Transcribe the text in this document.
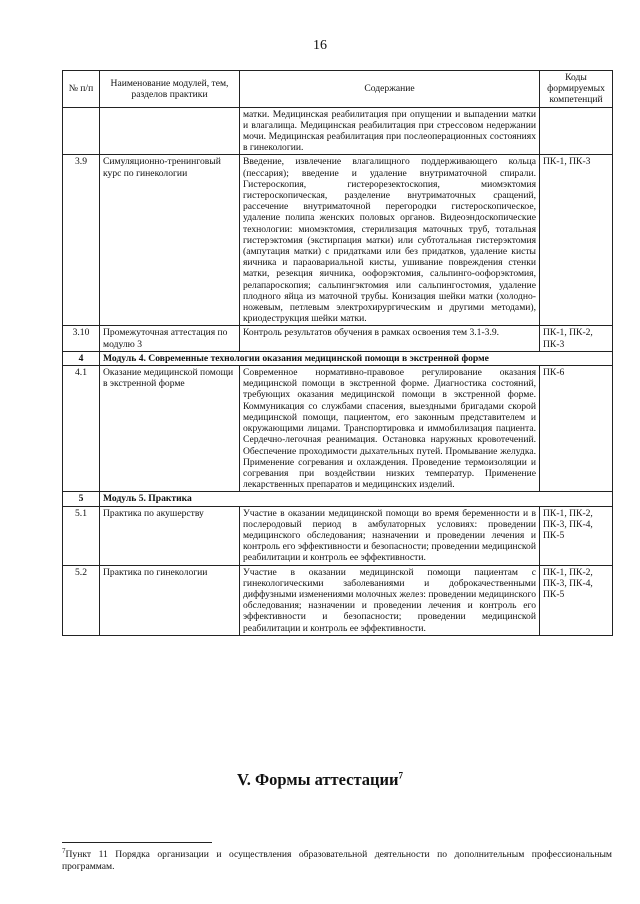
16
№ п/п	Наименование модулей, тем, разделов практики	Содержание	Коды формируемых компетенций
		матки. Медицинская реабилитация при опущении и выпадении матки и влагалища. Медицинская реабилитация при стрессовом недержании мочи. Медицинская реабилитация при послеоперационных состояниях в гинекологии.	
3.9	Симуляционно-тренинговый курс по гинекологии	Введение, извлечение влагалищного поддерживающего кольца (пессария); введение и удаление внутриматочной спирали. Гистероскопия, гистерорезектоскопия, миомэктомия гистероскопическая, разделение внутриматочных сращений, рассечение внутриматочной перегородки гистероскопическое, удаление полипа женских половых органов. Видеоэндоскопические технологии: миомэктомия, стерилизация маточных труб, тотальная гистерэктомия (экстирпация матки) или субтотальная гистерэктомия (ампутация матки) с придатками или без придатков, удаление кисты яичника и параовариальной кисты, ушивание повреждения стенки матки, резекция яичника, оофорэктомия, сальпинго-оофорэктомия, релапароскопия; сальпингэктомия или сальпингостомия, удаление плодного яйца из маточной трубы. Конизация шейки матки (холодно-ножевым, петлевым электрохирургическим и другими методами), криодеструкция шейки матки.	ПК-1, ПК-3
3.10	Промежуточная аттестация по модулю 3	Контроль результатов обучения в рамках освоения тем 3.1-3.9.	ПК-1, ПК-2, ПК-3
4	Модуль 4. Современные технологии оказания медицинской помощи в экстренной форме		
4.1	Оказание медицинской помощи в экстренной форме	Современное нормативно-правовое регулирование оказания медицинской помощи в экстренной форме. Диагностика состояний, требующих оказания медицинской помощи в экстренной форме. Коммуникация со службами спасения, выездными бригадами скорой медицинской помощи, пациентом, его законным представителем и окружающими лицами. Транспортировка и иммобилизация пациента. Сердечно-легочная реанимация. Остановка наружных кровотечений. Обеспечение проходимости дыхательных путей. Промывание желудка. Применение согревания и охлаждения. Проведение термоизоляции и согревания при воздействии низких температур. Применение лекарственных препаратов и медицинских изделий.	ПК-6
5	Модуль 5. Практика		
5.1	Практика по акушерству	Участие в оказании медицинской помощи во время беременности и в послеродовый период в амбулаторных условиях: проведении медицинского обследования; назначении и проведении лечения и контроль его эффективности и безопасности; проведении медицинской реабилитации и контроль ее эффективности.	ПК-1, ПК-2, ПК-3, ПК-4, ПК-5
5.2	Практика по гинекологии	Участие в оказании медицинской помощи пациентам с гинекологическими заболеваниями и доброкачественными диффузными изменениями молочных желез: проведении медицинского обследования; назначении и проведении лечения и контроль его эффективности и безопасности; проведении медицинской реабилитации и контроль ее эффективности.	ПК-1, ПК-2, ПК-3, ПК-4, ПК-5
V. Формы аттестации$^7$
$^7$Пункт 11 Порядка организации и осуществления образовательной деятельности по дополнительным профессиональным программам.
